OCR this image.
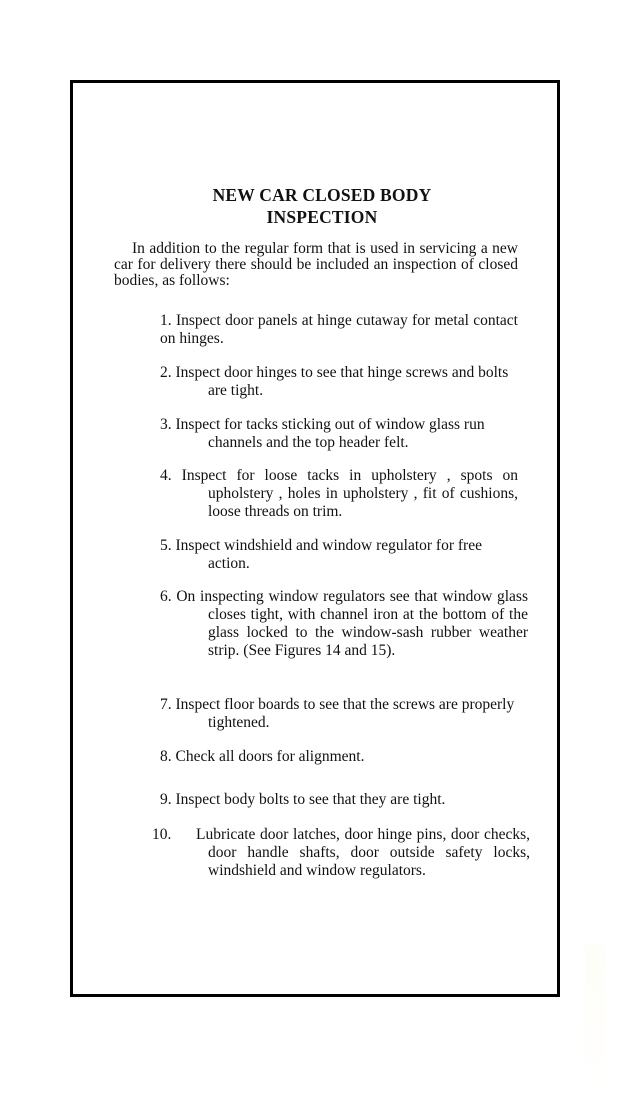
NEW CAR CLOSED BODY
INSPECTION
In addition to the regular form that is used in servicing a new car for delivery there should be included an inspection of closed bodies, as follows:
1. Inspect door panels at hinge cutaway for metal contact on hinges.
2. Inspect door hinges to see that hinge screws and bolts are tight.
3. Inspect for tacks sticking out of window glass run channels and the top header felt.
4. Inspect for loose tacks in upholstery , spots on upholstery , holes in upholstery , fit of cushions, loose threads on trim.
5. Inspect windshield and window regulator for free action.
6. On inspecting window regulators see that window glass closes tight, with channel iron at the bottom of the glass locked to the window-sash rubber weather strip. (See Figures 14 and 15).
7. Inspect floor boards to see that the screws are properly tightened.
8. Check all doors for alignment.
9. Inspect body bolts to see that they are tight.
10. Lubricate door latches, door hinge pins, door checks, door handle shafts, door outside safety locks, windshield and window regulators.
